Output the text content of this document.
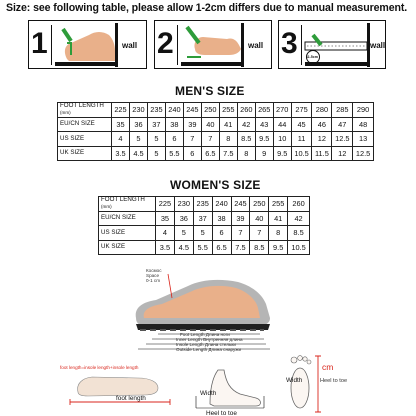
Size: see following table, please allow 1-2cm differs due to manual measurement.
1	wall 2	wall 3 11.5cm
wall
MEN'S SIZE
FOOT LENGTH
(mm)	225	230	235	240	245	250	255	260	265	270	275	280	285	290
EU/CN SIZE	35	36	37	38	39	40	41	42	43	44	45	46	47	48
US SIZE	4	5	5	6	7	7	8	8.5	9.5	10	11	12	12.5	13
UK SIZE	3.5	4.5	5	5.5	6	6.5	7.5	8	9	9.5	10.5	11.5	12	12.5
WOMEN'S SIZE
FOOT LENGTH
(mm)	225	230	235	240	245	250	255	260
EU/CN SIZE	35	36	37	38	39	40	41	42
US SIZE	4	5	5	6	7	7	8	8.5
UK SIZE	3.5	4.5	5.5	6.5	7.5	8.5	9.5	10.5
Космос Space 0-1 cm
Foot Length Длина ноги
Inner Length Внутренняя длина
Insole Length Длина стельки
Outside Length Длина снаружи
foot length=insole length+insole length
foot length
Width
Heel to toe
Width
cm
Heel to toe
